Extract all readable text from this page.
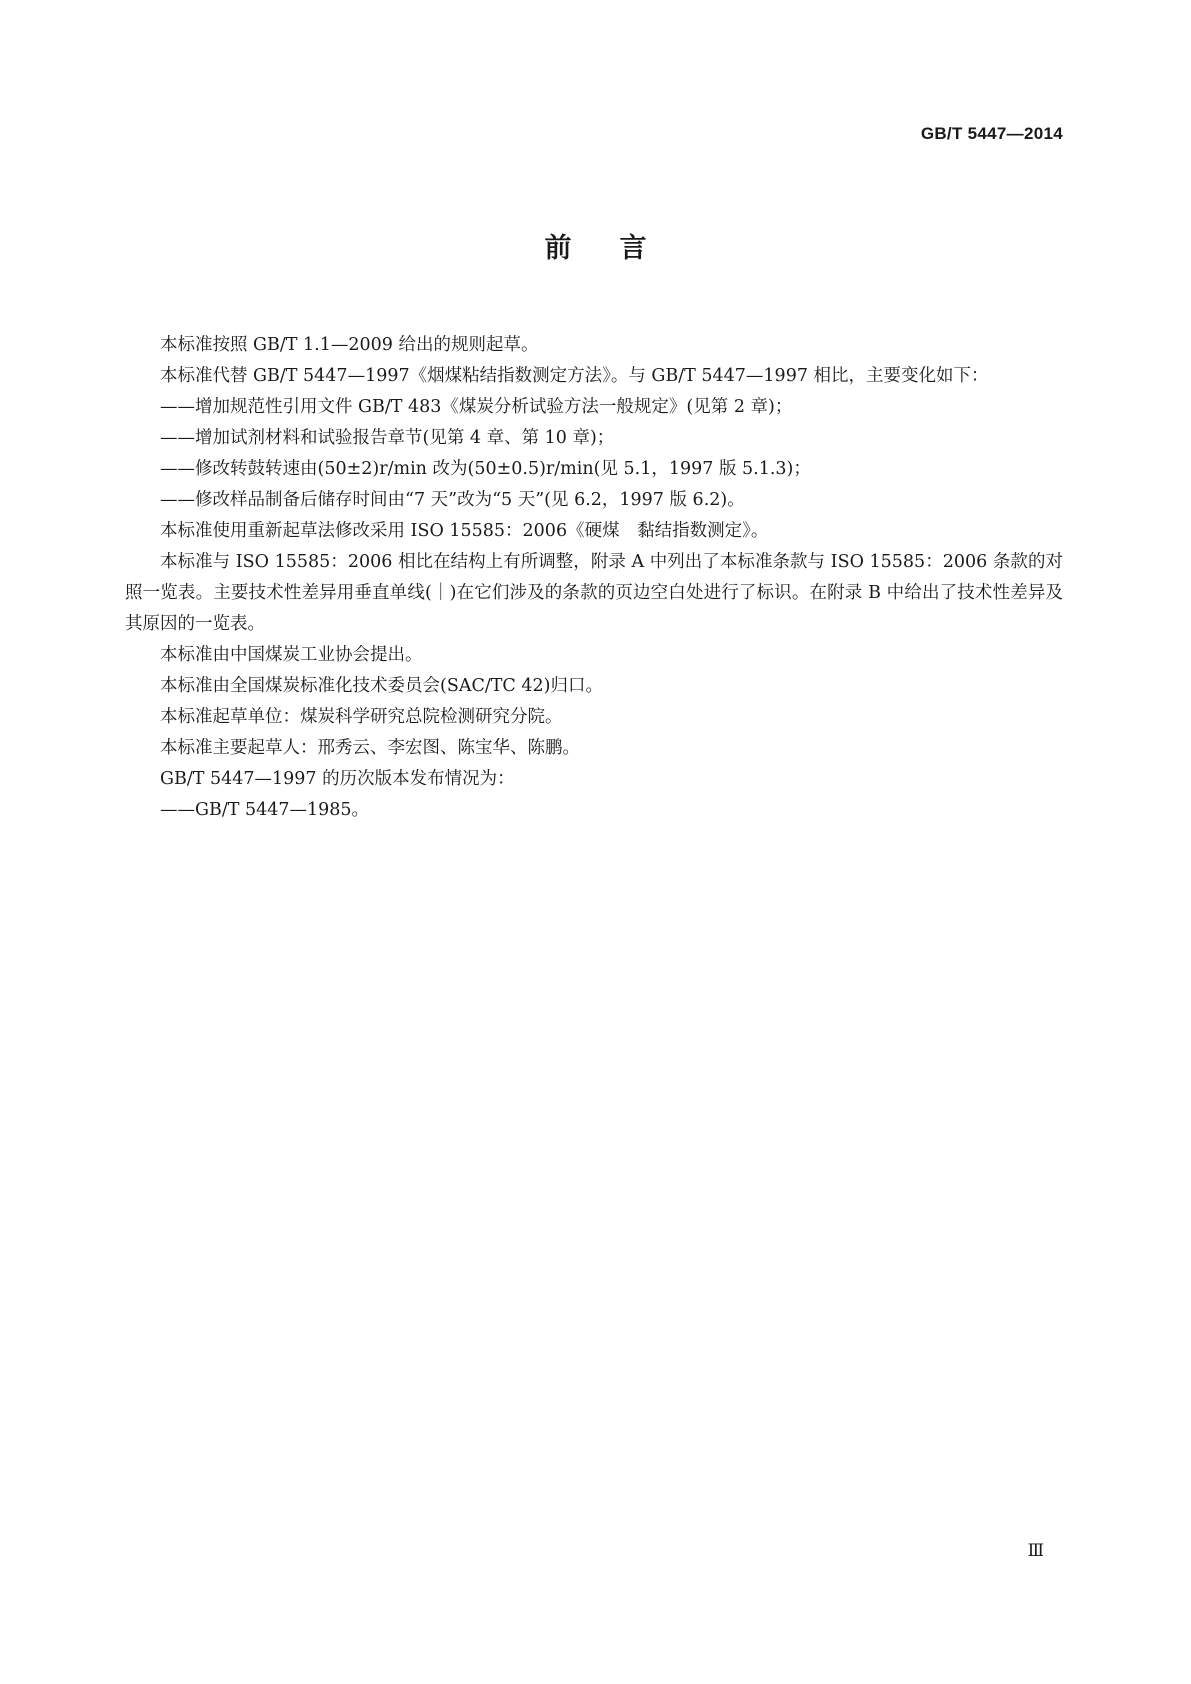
GB/T 5447—2014
前言

本标准按照 GB/T 1.1—2009 给出的规则起草。

本标准代替 GB/T 5447—1997《烟煤粘结指数测定方法》。与 GB/T 5447—1997 相比，主要变化如下：

——增加规范性引用文件 GB/T 483《煤炭分析试验方法一般规定》(见第 2 章)；

——增加试剂材料和试验报告章节(见第 4 章、第 10 章)；

——修改转鼓转速由(50±2)r/min 改为(50±0.5)r/min(见 5.1，1997 版 5.1.3)；

——修改样品制备后储存时间由“7 天”改为“5 天”(见 6.2，1997 版 6.2)。

本标准使用重新起草法修改采用 ISO 15585：2006《硬煤　黏结指数测定》。

本标准与 ISO 15585：2006 相比在结构上有所调整，附录 A 中列出了本标准条款与 ISO 15585：2006 条款的对照一览表。主要技术性差异用垂直单线(｜)在它们涉及的条款的页边空白处进行了标识。在附录 B 中给出了技术性差异及其原因的一览表。

本标准由中国煤炭工业协会提出。

本标准由全国煤炭标准化技术委员会(SAC/TC 42)归口。

本标准起草单位：煤炭科学研究总院检测研究分院。

本标准主要起草人：邢秀云、李宏图、陈宝华、陈鹏。

GB/T 5447—1997 的历次版本发布情况为：

——GB/T 5447—1985。

Ⅲ
